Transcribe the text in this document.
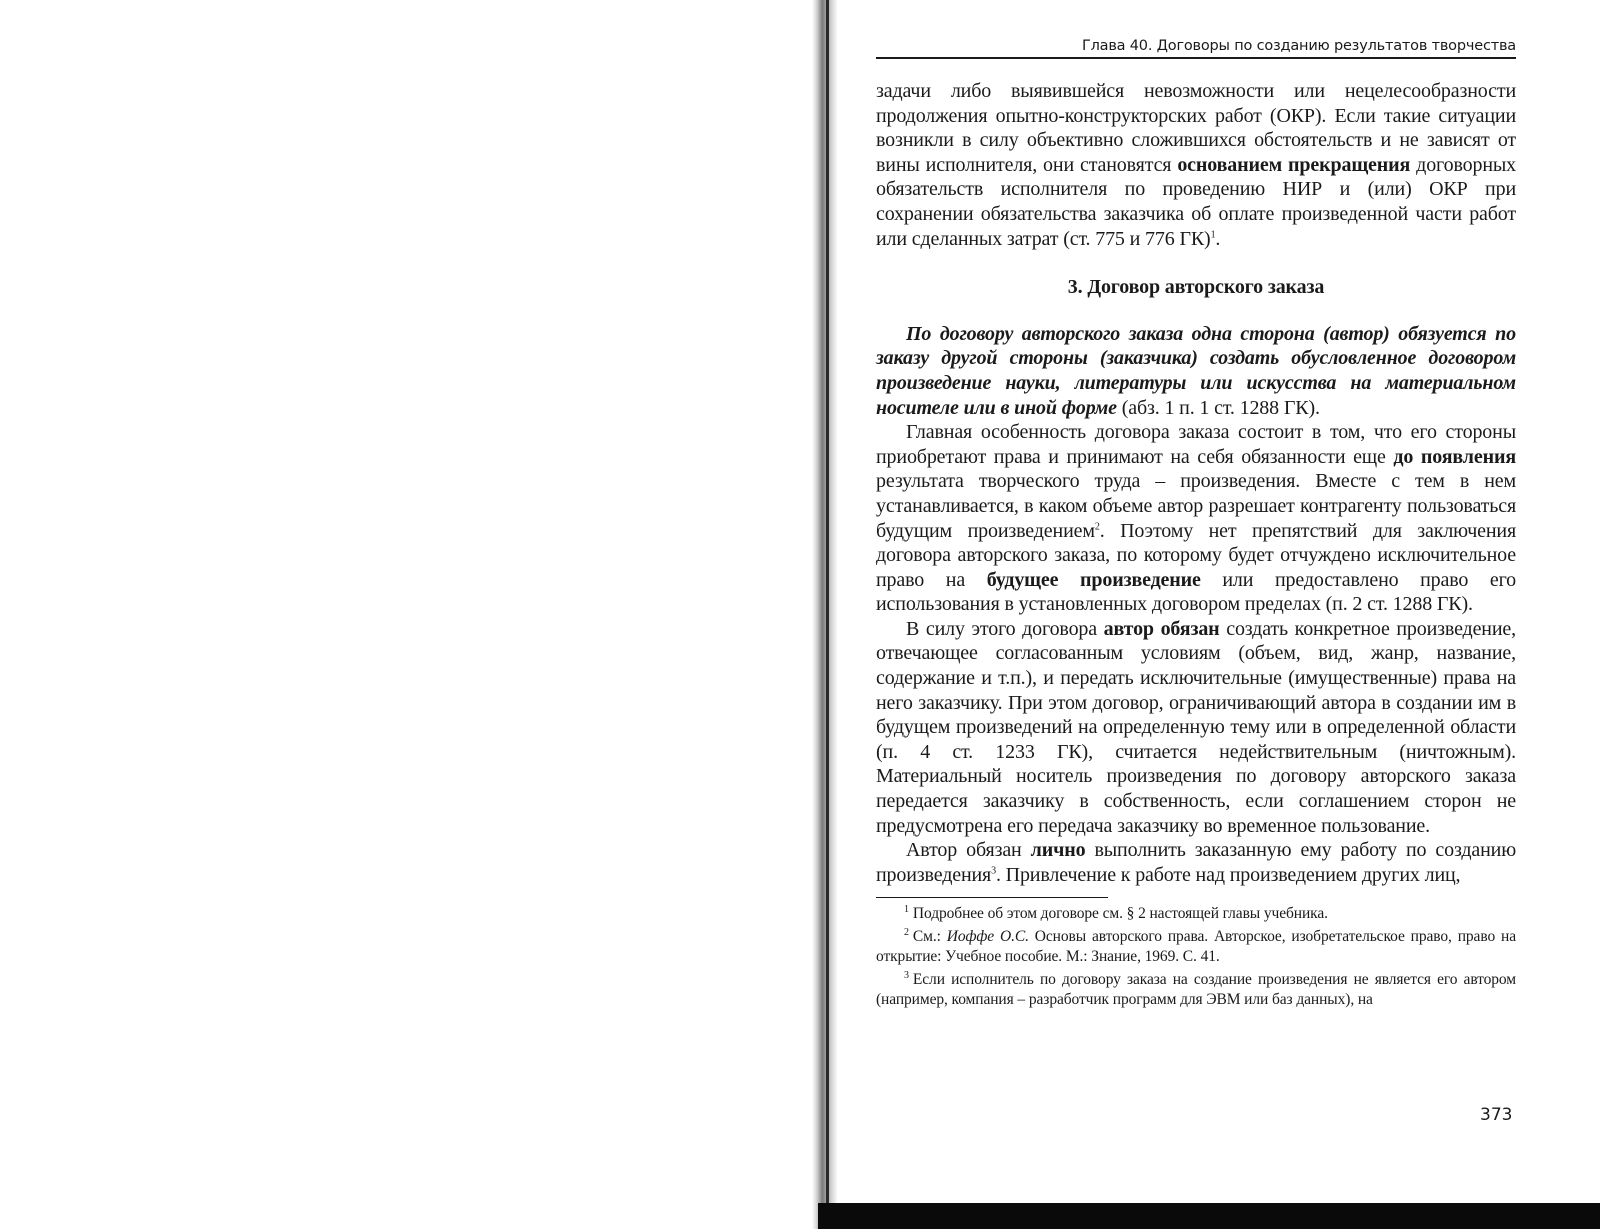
Глава 40. Договоры по созданию результатов творчества

задачи либо выявившейся невозможности или нецелесообразности продолжения опытно-конструкторских работ (ОКР). Если такие ситуации возникли в силу объективно сложившихся обстоятельств и не зависят от вины исполнителя, они становятся основанием прекращения договорных обязательств исполнителя по проведению НИР и (или) ОКР при сохранении обязательства заказчика об оплате произведенной части работ или сделанных затрат (ст. 775 и 776 ГК)$^1$.

3. Договор авторского заказа

По договору авторского заказа одна сторона (автор) обязуется по заказу другой стороны (заказчика) создать обусловленное договором произведение науки, литературы или искусства на материальном носителе или в иной форме (абз. 1 п. 1 ст. 1288 ГК).

Главная особенность договора заказа состоит в том, что его стороны приобретают права и принимают на себя обязанности еще до появления результата творческого труда – произведения. Вместе с тем в нем устанавливается, в каком объеме автор разрешает контрагенту пользоваться будущим произведением$^2$. Поэтому нет препятствий для заключения договора авторского заказа, по которому будет отчуждено исключительное право на будущее произведение или предоставлено право его использования в установленных договором пределах (п. 2 ст. 1288 ГК).

В силу этого договора автор обязан создать конкретное произведение, отвечающее согласованным условиям (объем, вид, жанр, название, содержание и т.п.), и передать исключительные (имущественные) права на него заказчику. При этом договор, ограничивающий автора в создании им в будущем произведений на определенную тему или в определенной области (п. 4 ст. 1233 ГК), считается недействительным (ничтожным). Материальный носитель произведения по договору авторского заказа передается заказчику в собственность, если соглашением сторон не предусмотрена его передача заказчику во временное пользование.

Автор обязан лично выполнить заказанную ему работу по созданию произведения$^3$. Привлечение к работе над произведением других лиц,

$^1$ Подробнее об этом договоре см. § 2 настоящей главы учебника.

$^2$ См.: Иоффе О.С. Основы авторского права. Авторское, изобретательское право, право на открытие: Учебное пособие. М.: Знание, 1969. С. 41.

$^3$ Если исполнитель по договору заказа на создание произведения не является его автором (например, компания – разработчик программ для ЭВМ или баз данных), на

373
